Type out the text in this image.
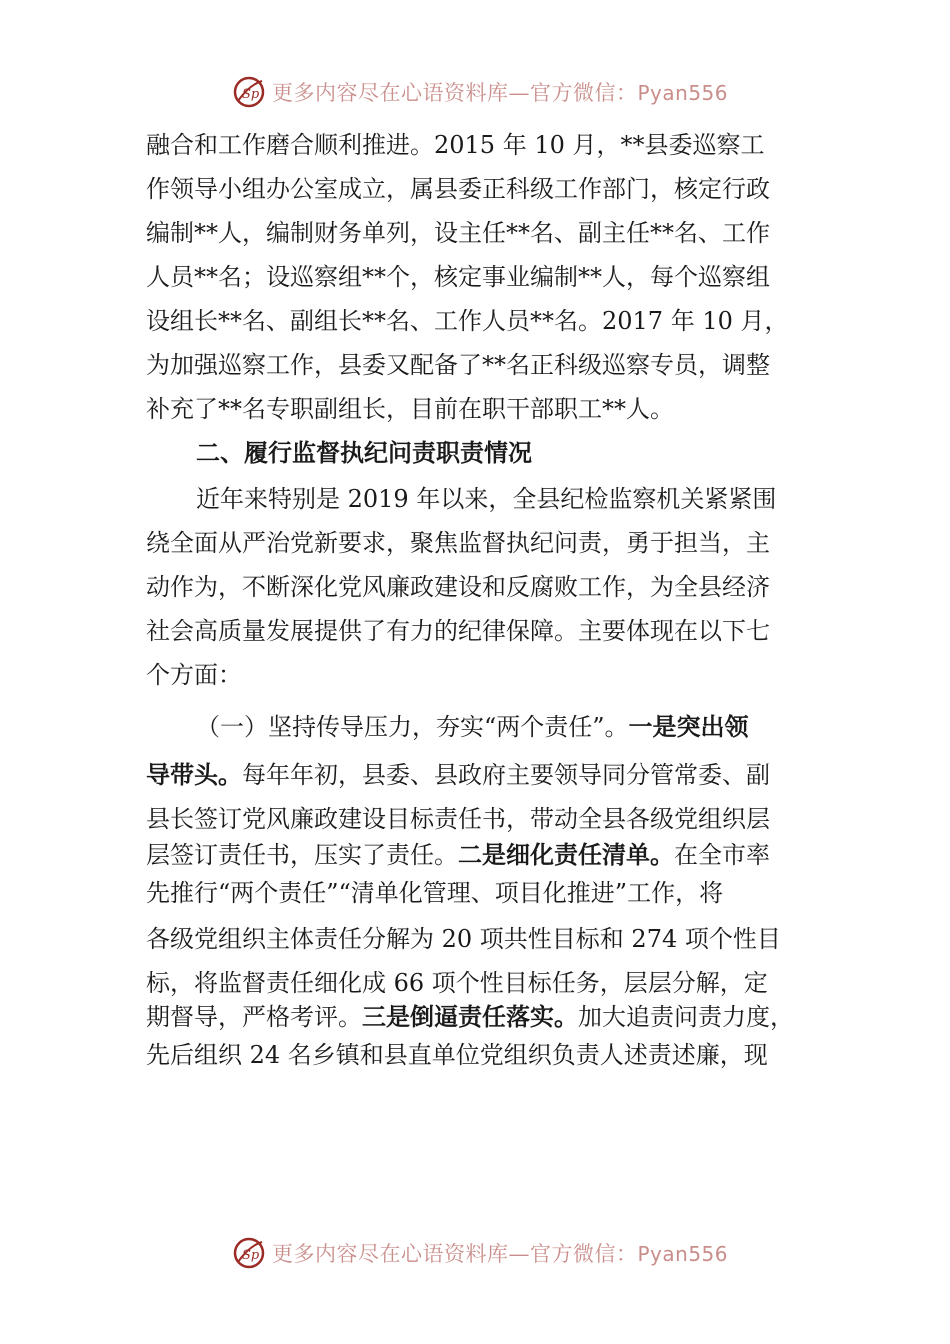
Sp 更多内容尽在心语资料库—官方微信：Pyan556
融合和工作磨合顺利推进。2015 年 10 月，**县委巡察工
作领导小组办公室成立，属县委正科级工作部门，核定行政
编制**人，编制财务单列，设主任**名、副主任**名、工作
人员**名；设巡察组**个，核定事业编制**人，每个巡察组
设组长**名、副组长**名、工作人员**名。2017 年 10 月，
为加强巡察工作，县委又配备了**名正科级巡察专员，调整
补充了**名专职副组长，目前在职干部职工**人。
二、履行监督执纪问责职责情况
近年来特别是 2019 年以来，全县纪检监察机关紧紧围
绕全面从严治党新要求，聚焦监督执纪问责，勇于担当，主
动作为，不断深化党风廉政建设和反腐败工作，为全县经济
社会高质量发展提供了有力的纪律保障。主要体现在以下七
个方面：
（一）坚持传导压力，夯实“两个责任”。一是突出领
导带头。每年年初，县委、县政府主要领导同分管常委、副
县长签订党风廉政建设目标责任书，带动全县各级党组织层
层签订责任书，压实了责任。二是细化责任清单。在全市率
先推行“两个责任”“清单化管理、项目化推进”工作，将
各级党组织主体责任分解为 20 项共性目标和 274 项个性目
标，将监督责任细化成 66 项个性目标任务，层层分解，定
期督导，严格考评。三是倒逼责任落实。加大追责问责力度，
先后组织 24 名乡镇和县直单位党组织负责人述责述廉，现
Sp 更多内容尽在心语资料库—官方微信：Pyan556
